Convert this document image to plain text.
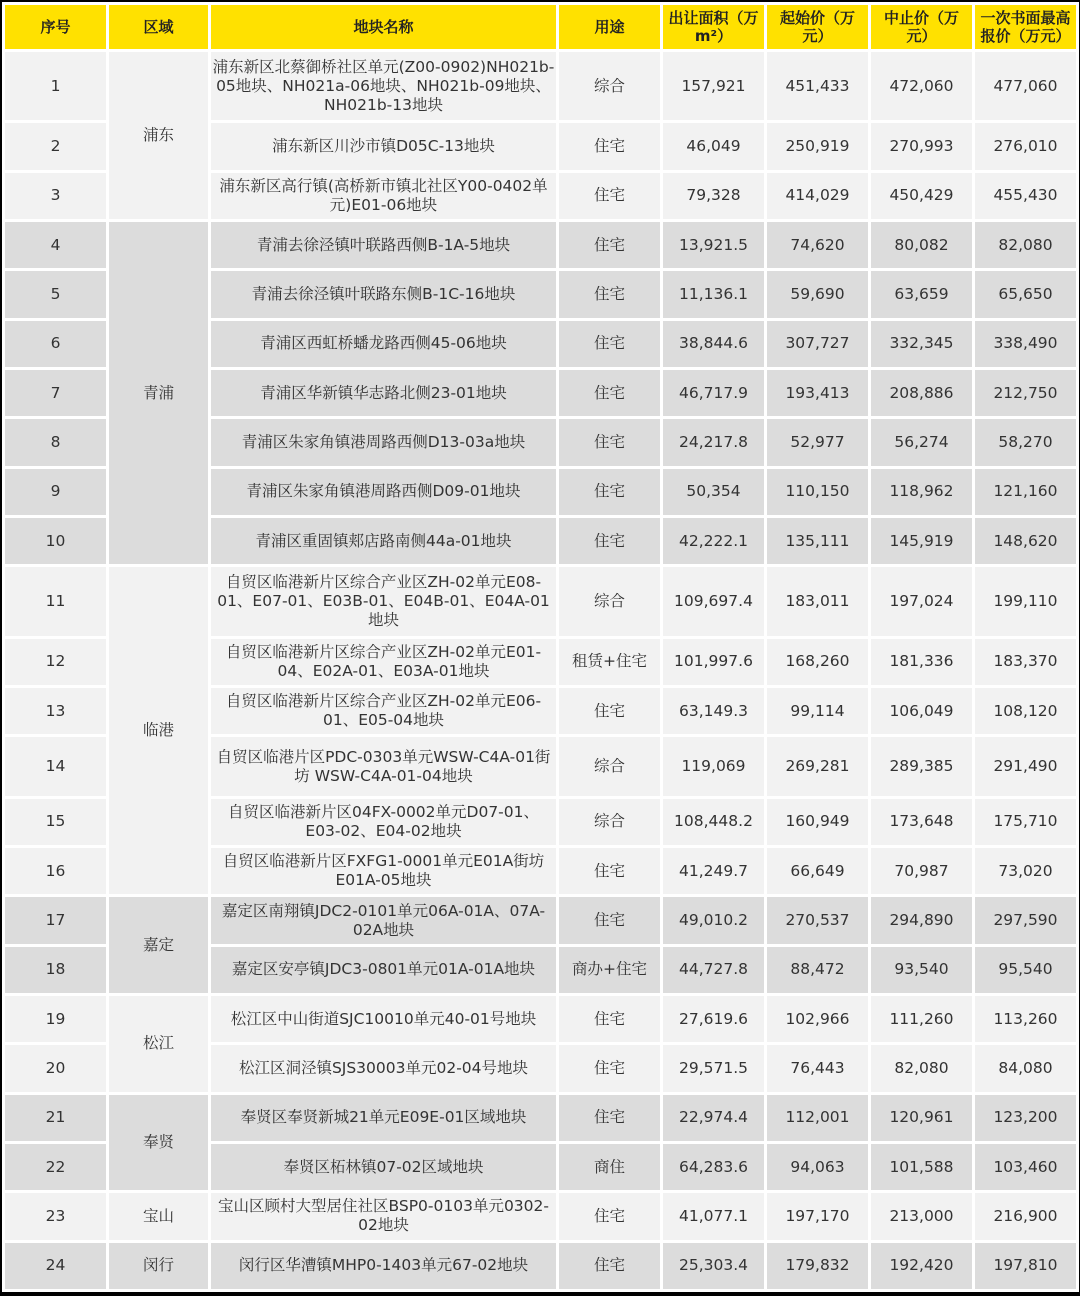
序号	区域	地块名称	用途	出让面积（万m²）	起始价（万元）	中止价（万元）	一次书面最高报价（万元）
1	浦东	浦东新区北蔡御桥社区单元(Z00-0902)NH021b-05地块、NH021a-06地块、NH021b-09地块、NH021b-13地块	综合	157,921	451,433	472,060	477,060
2		浦东新区川沙市镇D05C-13地块	住宅	46,049	250,919	270,993	276,010
3		浦东新区高行镇(高桥新市镇北社区Y00-0402单元)E01-06地块	住宅	79,328	414,029	450,429	455,430
4	青浦	青浦去徐泾镇叶联路西侧B-1A-5地块	住宅	13,921.5	74,620	80,082	82,080
5		青浦去徐泾镇叶联路东侧B-1C-16地块	住宅	11,136.1	59,690	63,659	65,650
6		青浦区西虹桥蟠龙路西侧45-06地块	住宅	38,844.6	307,727	332,345	338,490
7		青浦区华新镇华志路北侧23-01地块	住宅	46,717.9	193,413	208,886	212,750
8		青浦区朱家角镇港周路西侧D13-03a地块	住宅	24,217.8	52,977	56,274	58,270
9		青浦区朱家角镇港周路西侧D09-01地块	住宅	50,354	110,150	118,962	121,160
10		青浦区重固镇郏店路南侧44a-01地块	住宅	42,222.1	135,111	145,919	148,620
11	临港	自贸区临港新片区综合产业区ZH-02单元E08-01、E07-01、E03B-01、E04B-01、E04A-01地块	综合	109,697.4	183,011	197,024	199,110
12		自贸区临港新片区综合产业区ZH-02单元E01-04、E02A-01、E03A-01地块	租赁+住宅	101,997.6	168,260	181,336	183,370
13		自贸区临港新片区综合产业区ZH-02单元E06-01、E05-04地块	住宅	63,149.3	99,114	106,049	108,120
14		自贸区临港片区PDC-0303单元WSW-C4A-01街坊 WSW-C4A-01-04地块	综合	119,069	269,281	289,385	291,490
15		自贸区临港新片区04FX-0002单元D07-01、E03-02、E04-02地块	综合	108,448.2	160,949	173,648	175,710
16		自贸区临港新片区FXFG1-0001单元E01A街坊E01A-05地块	住宅	41,249.7	66,649	70,987	73,020
17	嘉定	嘉定区南翔镇JDC2-0101单元06A-01A、07A-02A地块	住宅	49,010.2	270,537	294,890	297,590
18		嘉定区安亭镇JDC3-0801单元01A-01A地块	商办+住宅	44,727.8	88,472	93,540	95,540
19	松江	松江区中山街道SJC10010单元40-01号地块	住宅	27,619.6	102,966	111,260	113,260
20		松江区洞泾镇SJS30003单元02-04号地块	住宅	29,571.5	76,443	82,080	84,080
21	奉贤	奉贤区奉贤新城21单元E09E-01区域地块	住宅	22,974.4	112,001	120,961	123,200
22		奉贤区柘林镇07-02区域地块	商住	64,283.6	94,063	101,588	103,460
23	宝山	宝山区顾村大型居住社区BSP0-0103单元0302-02地块	住宅	41,077.1	197,170	213,000	216,900
24	闵行	闵行区华漕镇MHP0-1403单元67-02地块	住宅	25,303.4	179,832	192,420	197,810
